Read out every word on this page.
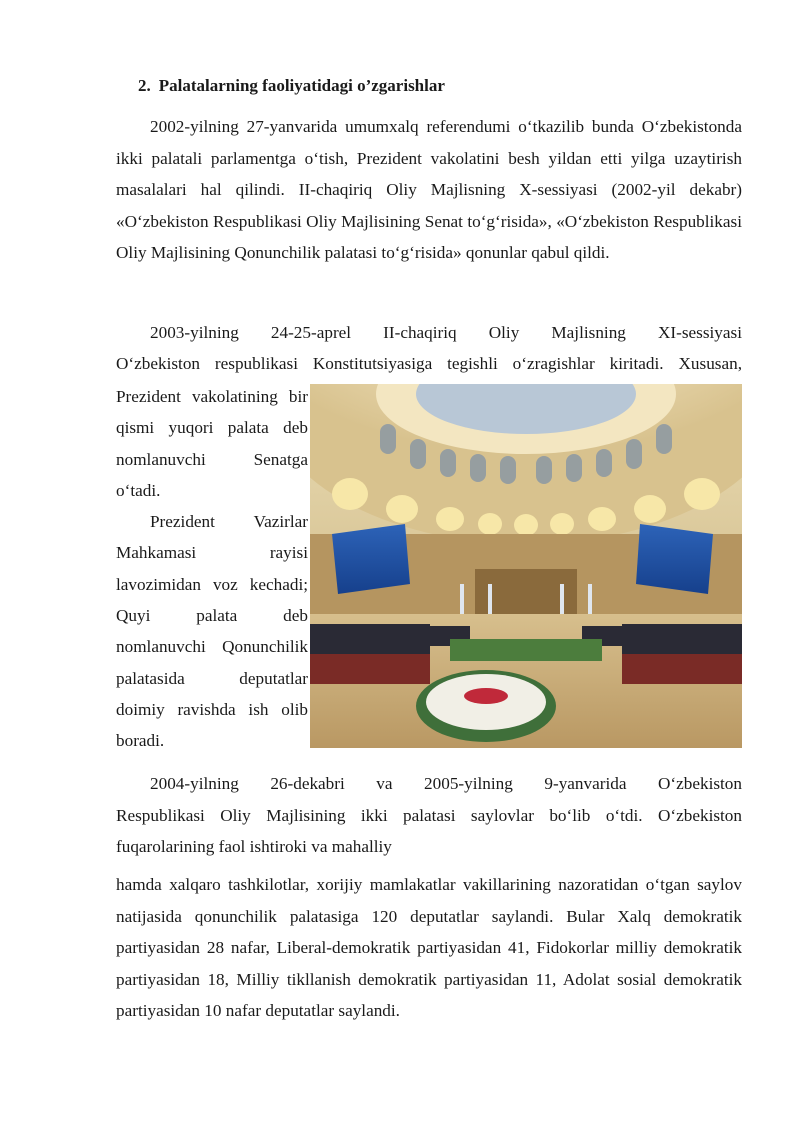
2. Palatalarning faoliyatidagi o’zgarishlar
2002-yilning 27-yanvarida umumxalq referendumi o‘tkazilib bunda O‘zbekistonda ikki palatali parlamentga o‘tish, Prezident vakolatini besh yildan etti yilga uzaytirish masalalari hal qilindi. II-chaqiriq Oliy Majlisning X-sessiyasi (2002-yil dekabr) «O‘zbekiston Respublikasi Oliy Majlisining Senat to‘g‘risida», «O‘zbekiston Respublikasi Oliy Majlisining Qonunchilik palatasi to‘g‘risida» qonunlar qabul qildi.
2003-yilning 24-25-aprel II-chaqiriq Oliy Majlisning XI-sessiyasi
O‘zbekiston respublikasi Konstitutsiyasiga tegishli o‘zragishlar kiritadi. Xususan,

Prezident vakolatining bir qismi yuqori palata deb nomlanuvchi Senatga o‘tadi.

Prezident Vazirlar Mahkamasi rayisi lavozimidan voz kechadi; Quyi palata deb nomlanuvchi Qonunchilik palatasida deputatlar doimiy ravishda ish olib boradi.

2004-yilning 26-dekabri va 2005-yilning 9-yanvarida O‘zbekiston
Respublikasi Oliy Majlisining ikki palatasi saylovlar bo‘lib o‘tdi. O‘zbekiston
fuqarolarining faol ishtiroki va mahalliy
hamda xalqaro tashkilotlar, xorijiy mamlakatlar vakillarining nazoratidan o‘tgan saylov natijasida qonunchilik palatasiga 120 deputatlar saylandi. Bular Xalq demokratik partiyasidan 28 nafar, Liberal-demokratik partiyasidan 41, Fidokorlar milliy demokratik partiyasidan 18, Milliy tikllanish demokratik partiyasidan 11, Adolat sosial demokratik partiyasidan 10 nafar deputatlar saylandi.
